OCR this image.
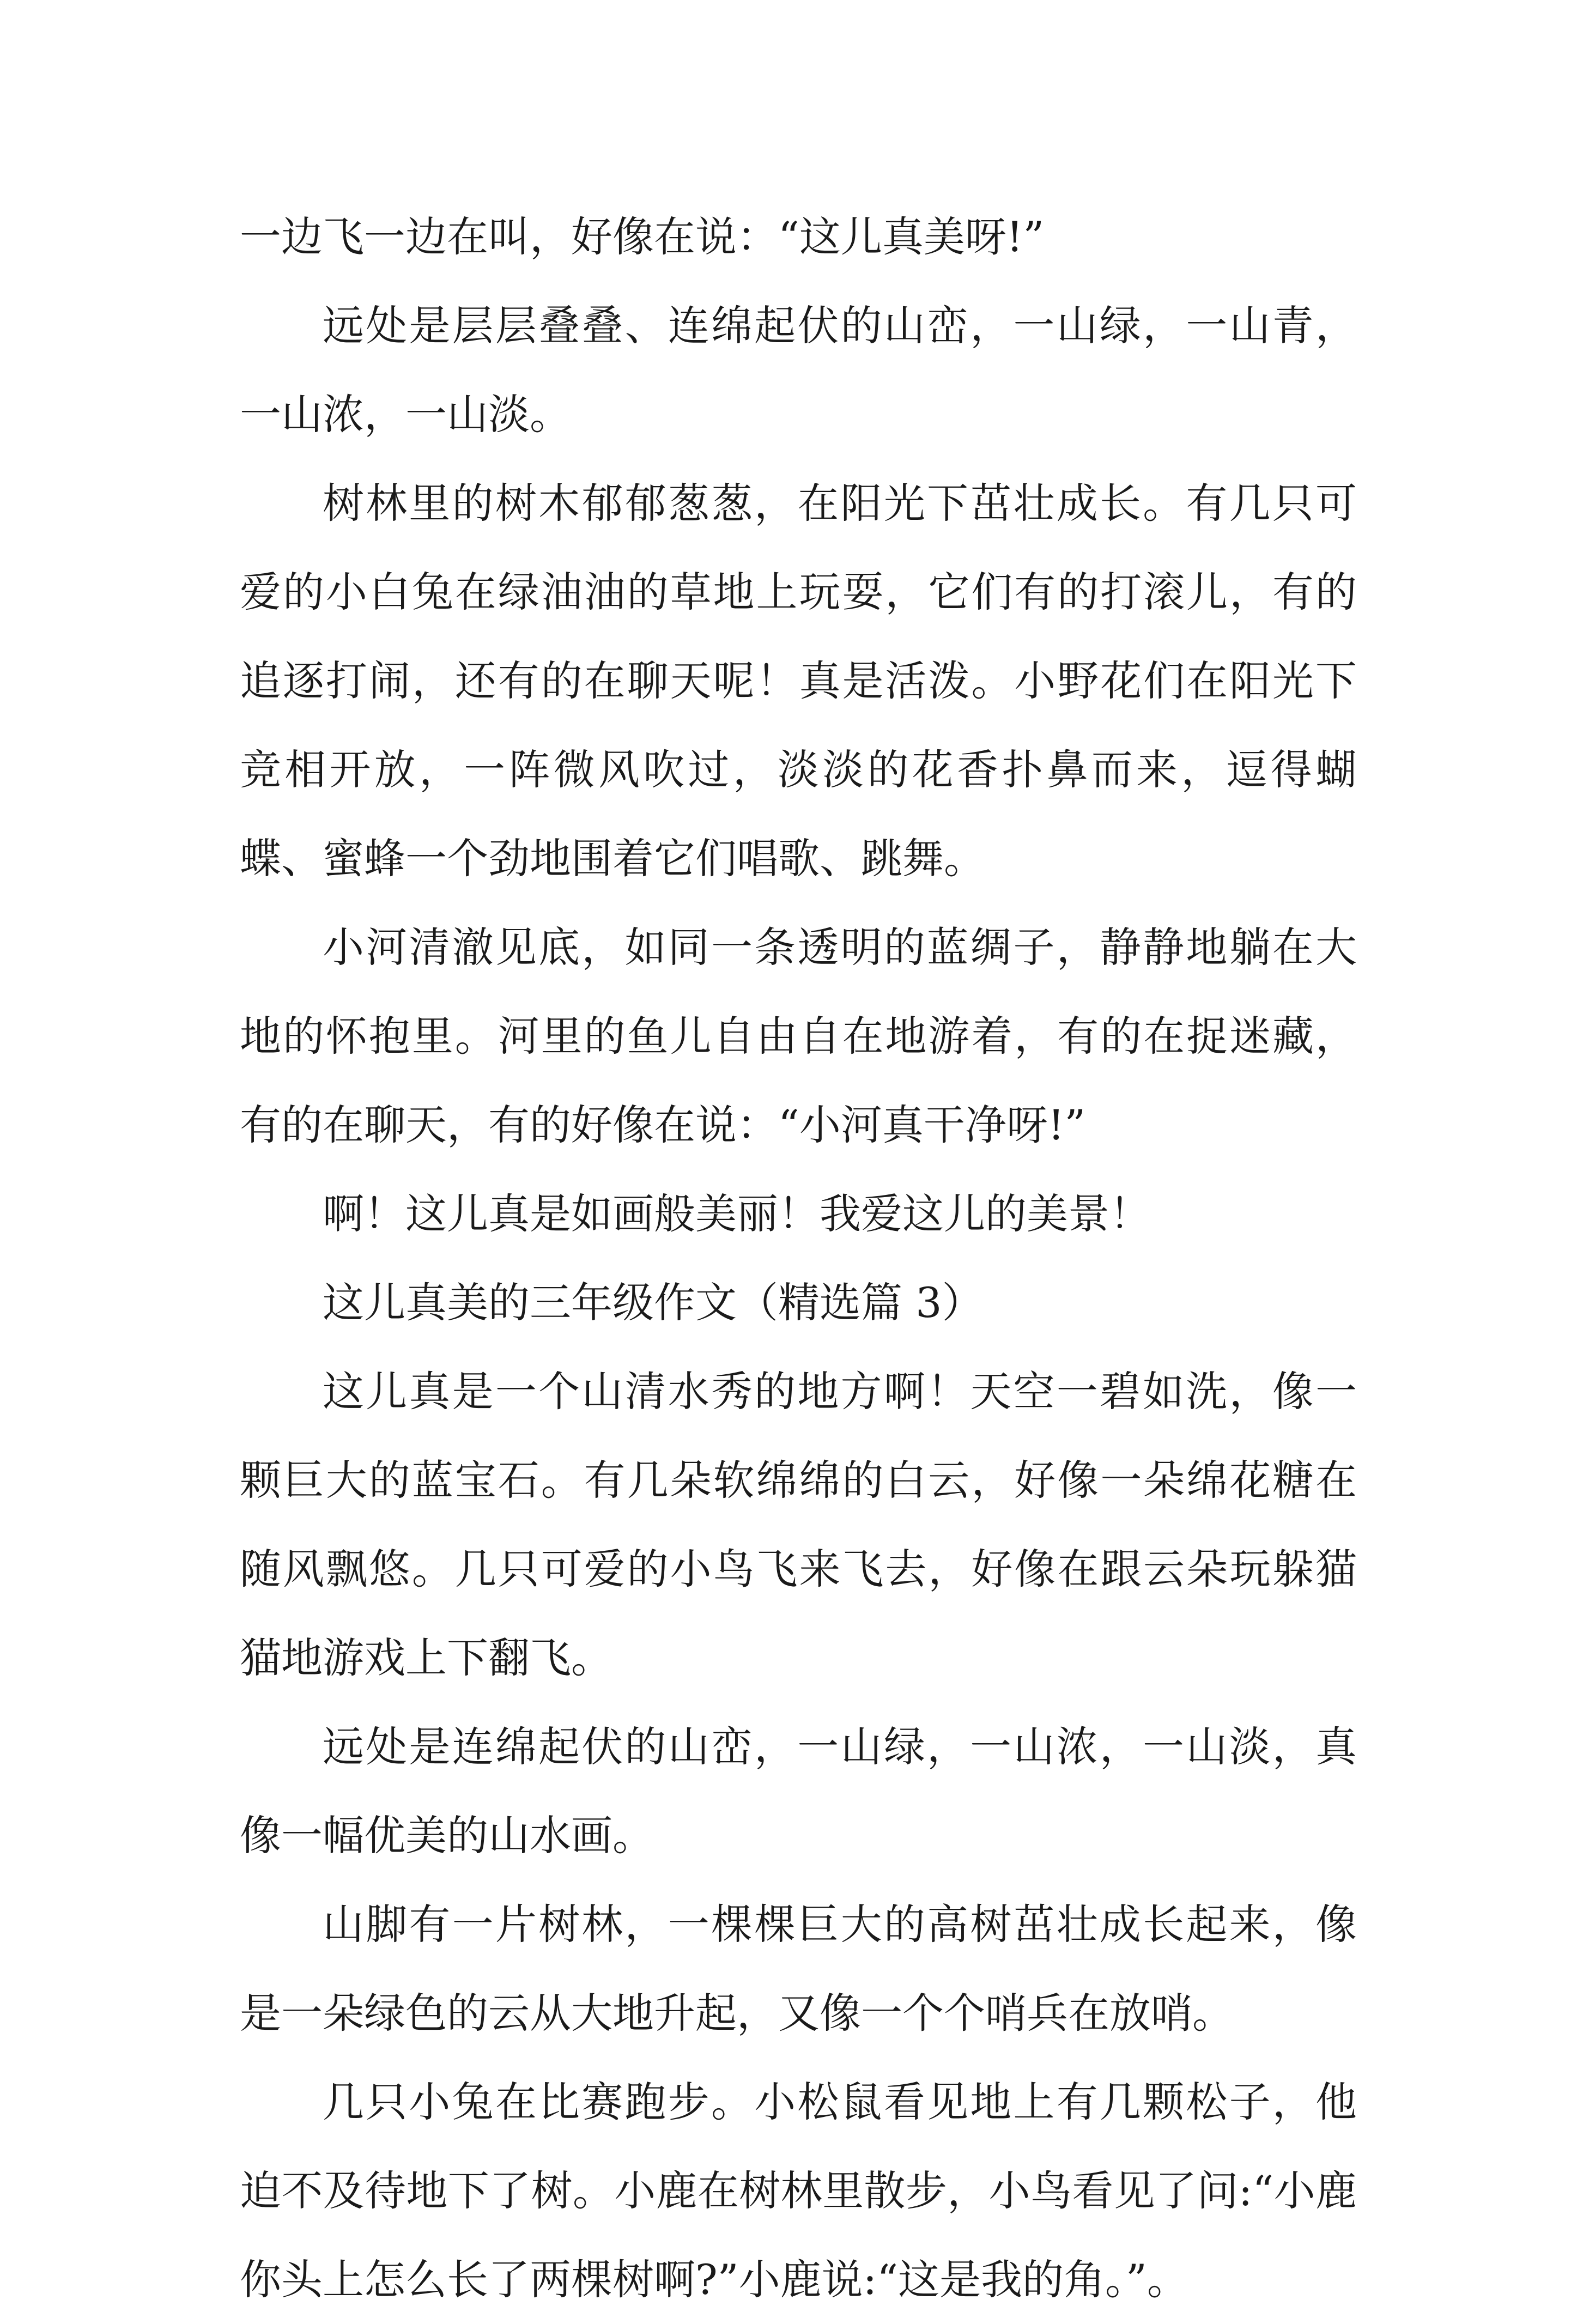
一边飞一边在叫，好像在说：“这儿真美呀!”

远处是层层叠叠、连绵起伏的山峦，一山绿，一山青，一山浓，一山淡。

树林里的树木郁郁葱葱，在阳光下茁壮成长。有几只可爱的小白兔在绿油油的草地上玩耍，它们有的打滚儿，有的追逐打闹，还有的在聊天呢！真是活泼。小野花们在阳光下竞相开放，一阵微风吹过，淡淡的花香扑鼻而来，逗得蝴蝶、蜜蜂一个劲地围着它们唱歌、跳舞。

小河清澈见底，如同一条透明的蓝绸子，静静地躺在大地的怀抱里。河里的鱼儿自由自在地游着，有的在捉迷藏，有的在聊天，有的好像在说：“小河真干净呀!”

啊！这儿真是如画般美丽！我爱这儿的美景！

这儿真美的三年级作文（精选篇 3）

这儿真是一个山清水秀的地方啊！天空一碧如洗，像一颗巨大的蓝宝石。有几朵软绵绵的白云，好像一朵绵花糖在随风飘悠。几只可爱的小鸟飞来飞去，好像在跟云朵玩躲猫猫地游戏上下翻飞。

远处是连绵起伏的山峦，一山绿，一山浓，一山淡，真像一幅优美的山水画。

山脚有一片树林，一棵棵巨大的高树茁壮成长起来，像是一朵绿色的云从大地升起，又像一个个哨兵在放哨。

几只小兔在比赛跑步。小松鼠看见地上有几颗松子，他迫不及待地下了树。小鹿在树林里散步，小鸟看见了问:“小鹿你头上怎么长了两棵树啊?”小鹿说:“这是我的角。”。
